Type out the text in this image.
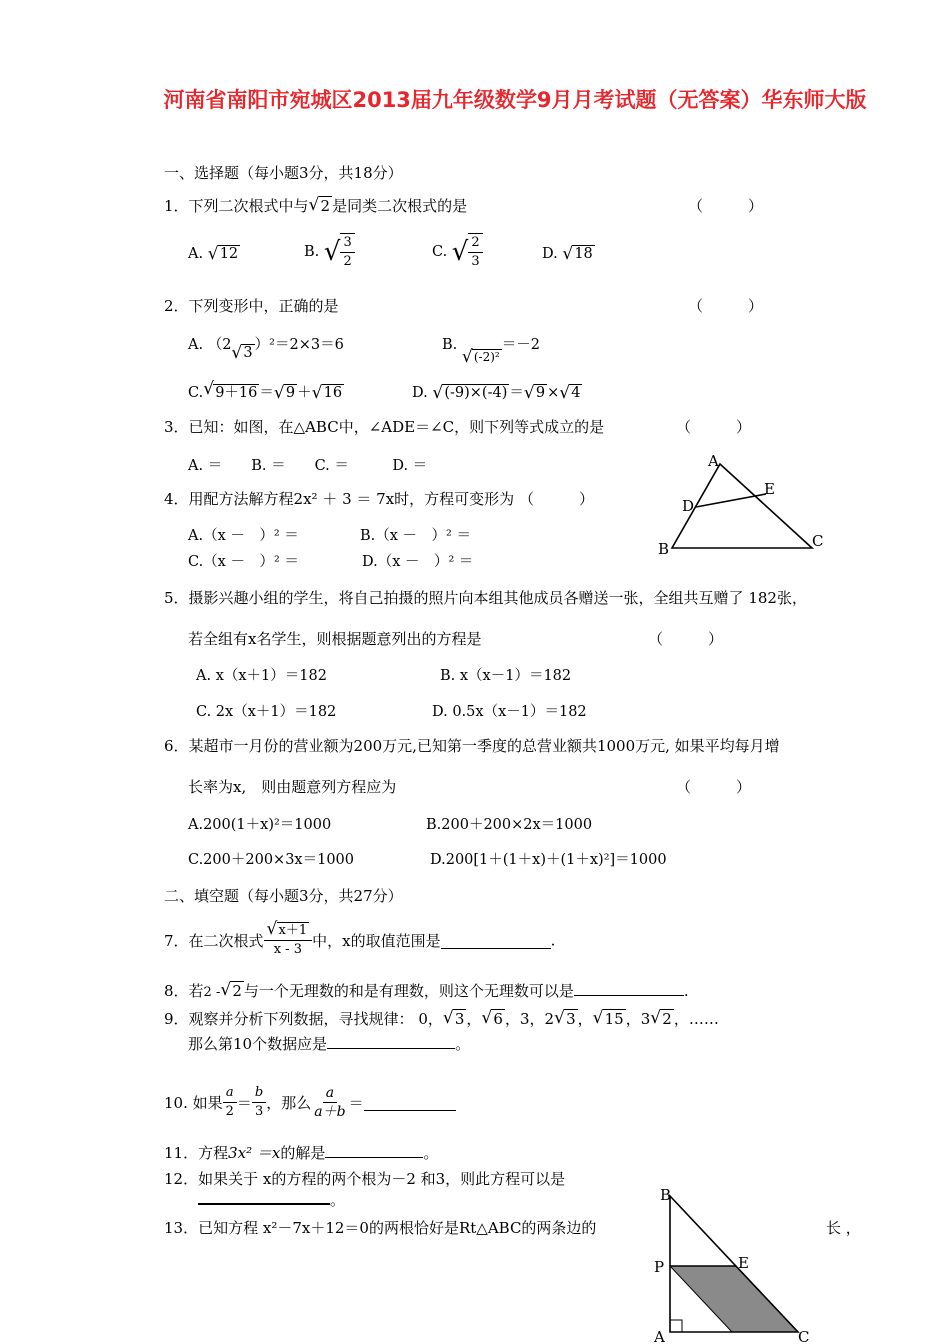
河南省南阳市宛城区2013届九年级数学9月月考试题（无答案）华东师大版
一、选择题（每小题3分，共18分）
1．下列二次根式中与 √ 2 是同类二次根式的是	（　　　）
A. √ 12	B. √ $\frac{3}{2}$	C. √ $\frac{2}{3}$	D. √ 18
2．下列变形中，正确的是	（　　　）
A. （2 √ 3 ）²＝2×3＝6	B.
√ (-2)²＝－2
C. √ 9＋16 ＝ √ 9 ＋ √ 16	D. √ (-9)×(-4) ＝ √ 9 × √ 4
3．已知：如图，在△ABC中，∠ADE＝∠C，则下列等式成立的是	（　　　）
A. ＝　　B. ＝　　C. ＝　　　D. ＝	A
B	C
D
E
4．用配方法解方程2x² ＋ 3 ＝ 7x时，方程可变形为 （　　　）
A.（x －　）² ＝	B.（x －　）² ＝
C.（x －　）² ＝	D.（x －　）² ＝
5．摄影兴趣小组的学生，将自己拍摄的照片向本组其他成员各赠送一张，全组共互赠了 182张，
若全组有x名学生，则根据题意列出的方程是	（　　　）
A. x（x＋1）＝182	B. x（x－1）＝182
C. 2x（x＋1）＝182	D. 0.5x（x－1）＝182
6．某超市一月份的营业额为200万元,已知第一季度的总营业额共1000万元, 如果平均每月增
长率为x,　则由题意列方程应为	（　　　）
A.200(1＋x)²＝1000	B.200＋200×2x＝1000
C.200＋200×3x＝1000	D.200[1＋(1＋x)＋(1＋x)²]＝1000
二、填空题（每小题3分，共27分）
7．在二次根式 $\frac{√ x+1}{x - 3}$ 中，x的取值范围是	.
8．若2 - √ 2 与一个无理数的和是有理数，则这个无理数可以是	.
9．观察并分析下列数据，寻找规律： 0， √ 3 ， √ 6 ，3，2 √ 3 ， √ 15 ，3 √ 2 ，……
那么第10个数据应是	。
10. 如果 $\frac{a}{2} = \frac{b}{3}$ ，那么 $\frac{a}{a+b}$ ＝
11．方程3x² ＝x的解是	。
12．如果关于 x的方程的两个根为－2 和3，则此方程可以是
。
13．已知方程 x²－7x＋12＝0的两根恰好是Rt△ABC的两条边的	长 ，
B
P	E
A	C
